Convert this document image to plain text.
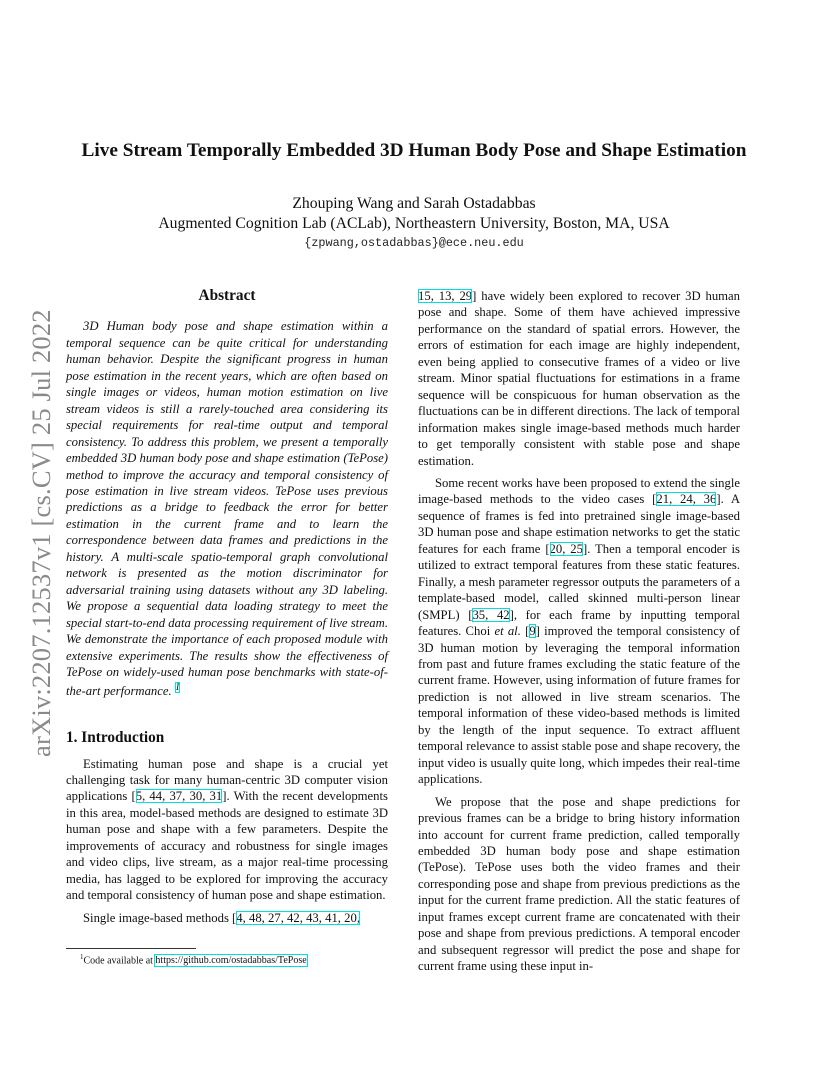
arXiv:2207.12537v1 [cs.CV] 25 Jul 2022
Live Stream Temporally Embedded 3D Human Body Pose and Shape Estimation
Zhouping Wang and Sarah Ostadabbas
Augmented Cognition Lab (ACLab), Northeastern University, Boston, MA, USA
{zpwang,ostadabbas}@ece.neu.edu
Abstract

3D Human body pose and shape estimation within a temporal sequence can be quite critical for understanding human behavior. Despite the significant progress in human pose estimation in the recent years, which are often based on single images or videos, human motion estimation on live stream videos is still a rarely-touched area considering its special requirements for real-time output and temporal consistency. To address this problem, we present a temporally embedded 3D human body pose and shape estimation (TePose) method to improve the accuracy and temporal consistency of pose estimation in live stream videos. TePose uses previous predictions as a bridge to feedback the error for better estimation in the current frame and to learn the correspondence between data frames and predictions in the history. A multi-scale spatio-temporal graph convolutional network is presented as the motion discriminator for adversarial training using datasets without any 3D labeling. We propose a sequential data loading strategy to meet the special start-to-end data processing requirement of live stream. We demonstrate the importance of each proposed module with extensive experiments. The results show the effectiveness of TePose on widely-used human pose benchmarks with state-of-the-art performance. $^1$

1. Introduction

Estimating human pose and shape is a crucial yet challenging task for many human-centric 3D computer vision applications [5, 44, 37, 30, 31]. With the recent developments in this area, model-based methods are designed to estimate 3D human pose and shape with a few parameters. Despite the improvements of accuracy and robustness for single images and video clips, live stream, as a major real-time processing media, has lagged to be explored for improving the accuracy and temporal consistency of human pose and shape estimation.

Single image-based methods [4, 48, 27, 42, 43, 41, 20,

15, 13, 29] have widely been explored to recover 3D human pose and shape. Some of them have achieved impressive performance on the standard of spatial errors. However, the errors of estimation for each image are highly independent, even being applied to consecutive frames of a video or live stream. Minor spatial fluctuations for estimations in a frame sequence will be conspicuous for human observation as the fluctuations can be in different directions. The lack of temporal information makes single image-based methods much harder to get temporally consistent with stable pose and shape estimation.

Some recent works have been proposed to extend the single image-based methods to the video cases [21, 24, 36]. A sequence of frames is fed into pretrained single image-based 3D human pose and shape estimation networks to get the static features for each frame [20, 25]. Then a temporal encoder is utilized to extract temporal features from these static features. Finally, a mesh parameter regressor outputs the parameters of a template-based model, called skinned multi-person linear (SMPL) [35, 42], for each frame by inputting temporal features. Choi et al. [9] improved the temporal consistency of 3D human motion by leveraging the temporal information from past and future frames excluding the static feature of the current frame. However, using information of future frames for prediction is not allowed in live stream scenarios. The temporal information of these video-based methods is limited by the length of the input sequence. To extract affluent temporal relevance to assist stable pose and shape recovery, the input video is usually quite long, which impedes their real-time applications.

We propose that the pose and shape predictions for previous frames can be a bridge to bring history information into account for current frame prediction, called temporally embedded 3D human body pose and shape estimation (TePose). TePose uses both the video frames and their corresponding pose and shape from previous predictions as the input for the current frame prediction. All the static features of input frames except current frame are concatenated with their pose and shape from previous predictions. A temporal encoder and subsequent regressor will predict the pose and shape for current frame using these input in-

$^1$Code available at https://github.com/ostadabbas/TePose
